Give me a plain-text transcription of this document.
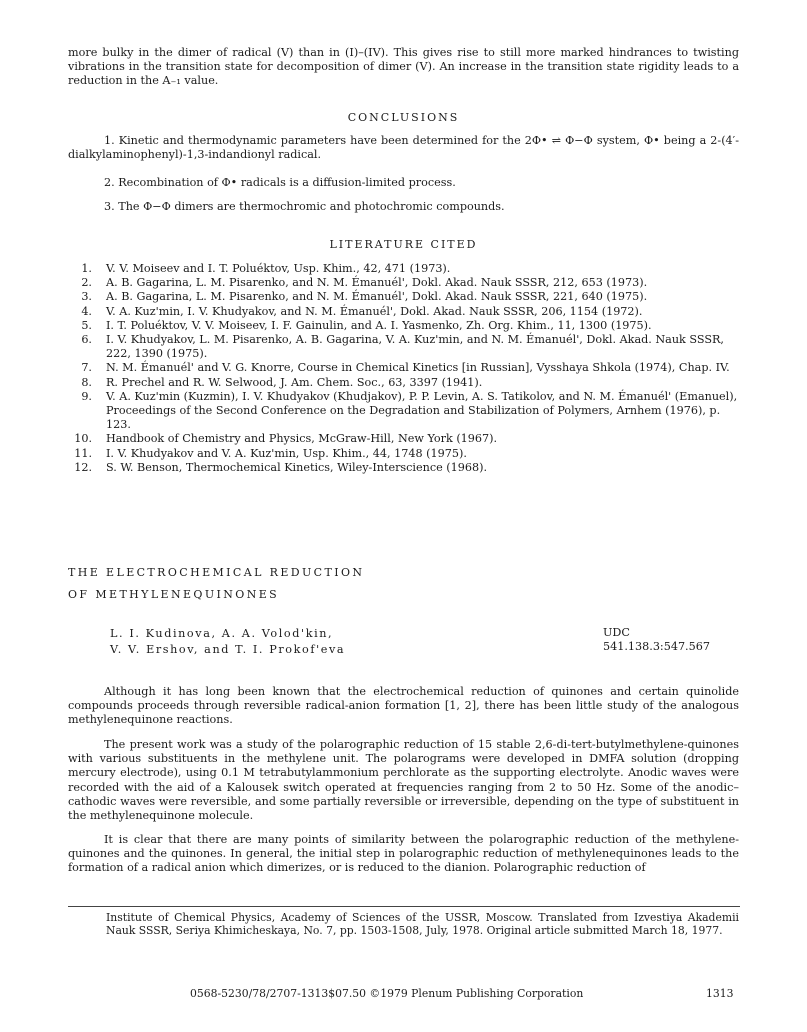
more bulky in the dimer of radical (V) than in (I)–(IV). This gives rise to still more marked hindrances to twisting vibrations in the transition state for decomposition of dimer (V). An increase in the transition state rigidity leads to a reduction in the A₋₁ value.

CONCLUSIONS

1. Kinetic and thermodynamic parameters have been determined for the 2Φ• ⇌ Φ−Φ system, Φ• being a 2-(4′-dialkylaminophenyl)-1,3-indandionyl radical.

2. Recombination of Φ• radicals is a diffusion-limited process.

3. The Φ−Φ dimers are thermochromic and photochromic compounds.

LITERATURE CITED
1. V. V. Moiseev and I. T. Poluéktov, Usp. Khim., 42, 471 (1973).
2. A. B. Gagarina, L. M. Pisarenko, and N. M. Émanuél', Dokl. Akad. Nauk SSSR, 212, 653 (1973).
3. A. B. Gagarina, L. M. Pisarenko, and N. M. Émanuél', Dokl. Akad. Nauk SSSR, 221, 640 (1975).
4. V. A. Kuz'min, I. V. Khudyakov, and N. M. Émanuél', Dokl. Akad. Nauk SSSR, 206, 1154 (1972).
5. I. T. Poluéktov, V. V. Moiseev, I. F. Gainulin, and A. I. Yasmenko, Zh. Org. Khim., 11, 1300 (1975).
6. I. V. Khudyakov, L. M. Pisarenko, A. B. Gagarina, V. A. Kuz'min, and N. M. Émanuél', Dokl. Akad. Nauk SSSR, 222, 1390 (1975).
7. N. M. Émanuél' and V. G. Knorre, Course in Chemical Kinetics [in Russian], Vysshaya Shkola (1974), Chap. IV.
8. R. Prechel and R. W. Selwood, J. Am. Chem. Soc., 63, 3397 (1941).
9. V. A. Kuz'min (Kuzmin), I. V. Khudyakov (Khudjakov), P. P. Levin, A. S. Tatikolov, and N. M. Émanuél' (Emanuel), Proceedings of the Second Conference on the Degradation and Stabilization of Polymers, Arnhem (1976), p. 123.
10. Handbook of Chemistry and Physics, McGraw-Hill, New York (1967).
11. I. V. Khudyakov and V. A. Kuz'min, Usp. Khim., 44, 1748 (1975).
12. S. W. Benson, Thermochemical Kinetics, Wiley-Interscience (1968).
THE ELECTROCHEMICAL REDUCTION
OF METHYLENEQUINONES
L. I. Kudinova, A. A. Volod'kin,
V. V. Ershov, and T. I. Prokof'eva
UDC 541.138.3:547.567

Although it has long been known that the electrochemical reduction of quinones and certain quinolide compounds proceeds through reversible radical-anion formation [1, 2], there has been little study of the analogous methylenequinone reactions.

The present work was a study of the polarographic reduction of 15 stable 2,6-di-tert-butylmethylene-quinones with various substituents in the methylene unit. The polarograms were developed in DMFA solution (dropping mercury electrode), using 0.1 M tetrabutylammonium perchlorate as the supporting electrolyte. Anodic waves were recorded with the aid of a Kalousek switch operated at frequencies ranging from 2 to 50 Hz. Some of the anodic–cathodic waves were reversible, and some partially reversible or irreversible, depending on the type of substituent in the methylenequinone molecule.

It is clear that there are many points of similarity between the polarographic reduction of the methylene-quinones and the quinones. In general, the initial step in polarographic reduction of methylenequinones leads to the formation of a radical anion which dimerizes, or is reduced to the dianion. Polarographic reduction of

Institute of Chemical Physics, Academy of Sciences of the USSR, Moscow. Translated from Izvestiya Akademii Nauk SSSR, Seriya Khimicheskaya, No. 7, pp. 1503-1508, July, 1978. Original article submitted March 18, 1977.

0568-5230/78/2707-1313$07.50 ©1979 Plenum Publishing Corporation	1313
